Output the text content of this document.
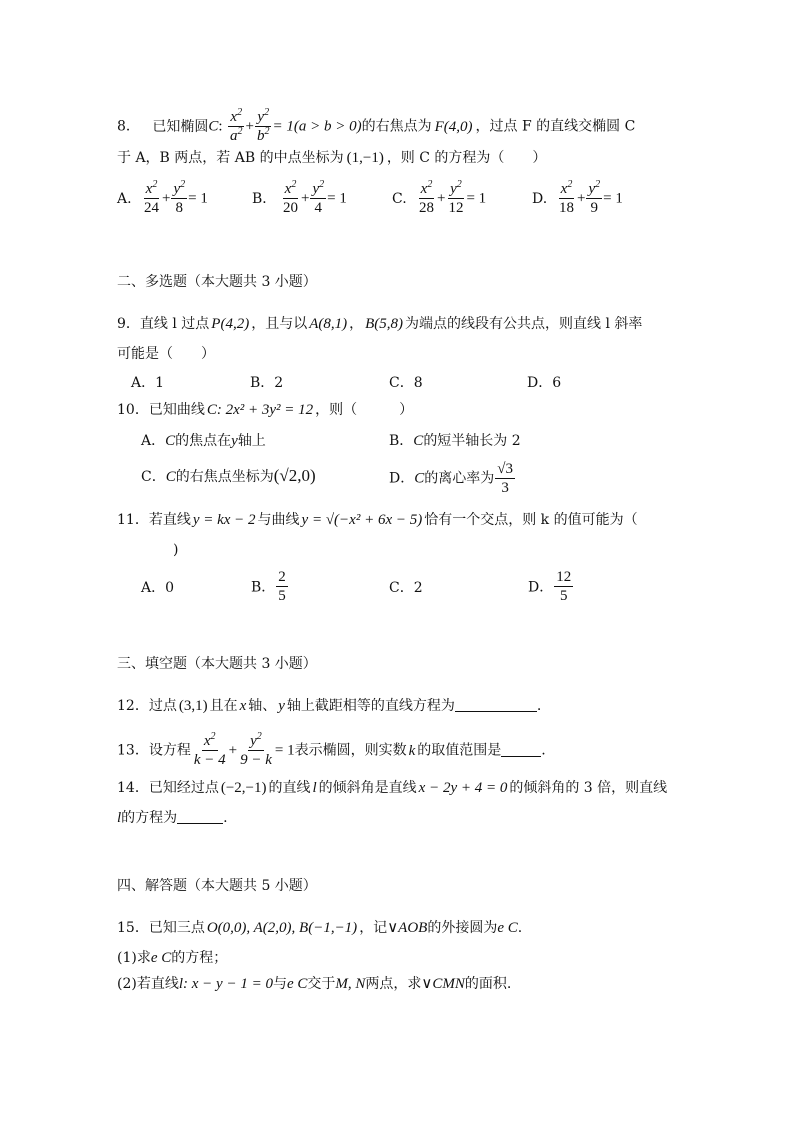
8． 已知椭圆C: $\frac{x^2}{a^2} + \frac{y^2}{b^2} = 1(a > b > 0)$的右焦点为 F(4,0) ，过点 F 的直线交椭圆 C
于 A，B 两点，若 AB 的中点坐标为 (1,−1) ，则 C 的方程为（　　）
A. $\frac{x^2}{24} + \frac{y^2}{8} = 1$	B． $\frac{x^2}{20} + \frac{y^2}{4} = 1$	C. $\frac{x^2}{28} + \frac{y^2}{12} = 1$	D. $\frac{x^2}{18} + \frac{y^2}{9} = 1$
二、多选题（本大题共 3 小题）
9．直线 l 过点 P(4,2) ，且与以 A(8,1) ， B(5,8) 为端点的线段有公共点，则直线 l 斜率
可能是（　　）
A．1	B．2	C．8	D．6
10．已知曲线 C: 2x² + 3y² = 12 ，则（　　　）
A．C的焦点在y轴上	B．C的短半轴长为 2
C．C的右焦点坐标为(√2,0)	D．C的离心率为 $\frac{√3}{3}$
11．若直线 y = kx − 2 与曲线 y = √(−x² + 6x − 5) 恰有一个交点，则 k 的值可能为（
)
A．0	B． $\frac{2}{5}$	C．2	D． $\frac{12}{5}$
三、填空题（本大题共 3 小题）
12．过点 (3,1) 且在 x 轴、 y 轴上截距相等的直线方程为	.
13．设方程 $\frac{x^2}{k - 4} + \frac{y^2}{9 - k} = 1$表示椭圆，则实数 k 的取值范围是	.
14．已知经过点 (−2,−1) 的直线 l 的倾斜角是直线 x − 2y + 4 = 0 的倾斜角的 3 倍，则直线
l的方程为	.
四、解答题（本大题共 5 小题）
15．已知三点 O(0,0), A(2,0), B(−1,−1) ，记∨AOB的外接圆为e C.
(1)求e C的方程；
(2)若直线l: x − y − 1 = 0与e C交于M, N两点，求∨CMN的面积.
